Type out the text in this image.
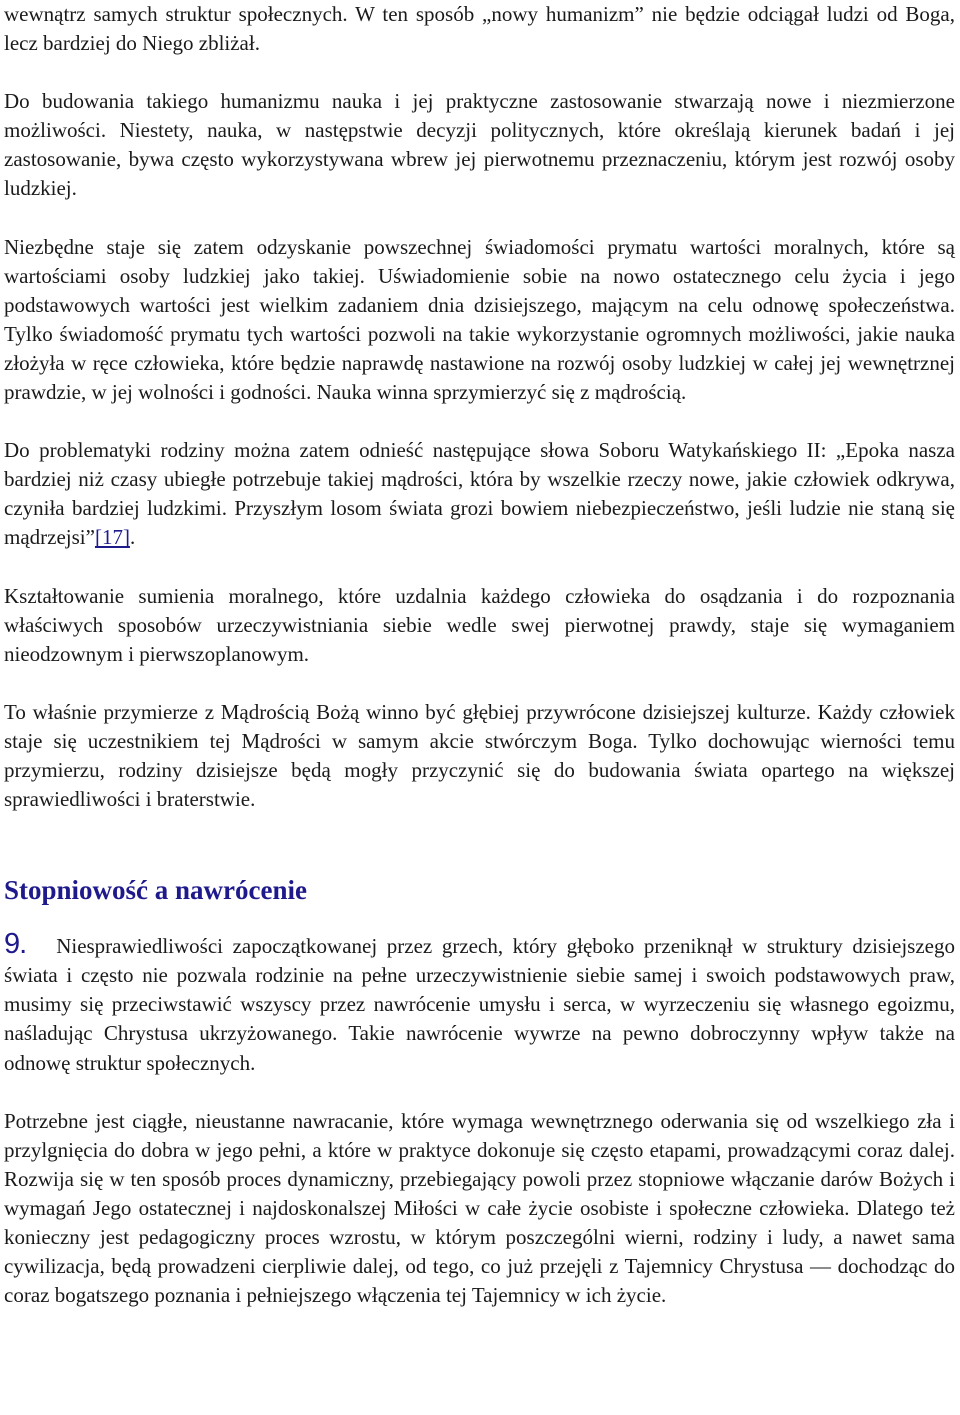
wewnątrz samych struktur społecznych. W ten sposób „nowy humanizm” nie będzie odciągał ludzi od Boga, lecz bardziej do Niego zbliżał.

Do budowania takiego humanizmu nauka i jej praktyczne zastosowanie stwarzają nowe i niezmierzone możliwości. Niestety, nauka, w następstwie decyzji politycznych, które określają kierunek badań i jej zastosowanie, bywa często wykorzystywana wbrew jej pierwotnemu przeznaczeniu, którym jest rozwój osoby ludzkiej.

Niezbędne staje się zatem odzyskanie powszechnej świadomości prymatu wartości moralnych, które są wartościami osoby ludzkiej jako takiej. Uświadomienie sobie na nowo ostatecznego celu życia i jego podstawowych wartości jest wielkim zadaniem dnia dzisiejszego, mającym na celu odnowę społeczeństwa. Tylko świadomość prymatu tych wartości pozwoli na takie wykorzystanie ogromnych możliwości, jakie nauka złożyła w ręce człowieka, które będzie naprawdę nastawione na rozwój osoby ludzkiej w całej jej wewnętrznej prawdzie, w jej wolności i godności. Nauka winna sprzymierzyć się z mądrością.

Do problematyki rodziny można zatem odnieść następujące słowa Soboru Watykańskiego II: „Epoka nasza bardziej niż czasy ubiegłe potrzebuje takiej mądrości, która by wszelkie rzeczy nowe, jakie człowiek odkrywa, czyniła bardziej ludzkimi. Przyszłym losom świata grozi bowiem niebezpieczeństwo, jeśli ludzie nie staną się mądrzejsi”[17].

Kształtowanie sumienia moralnego, które uzdalnia każdego człowieka do osądzania i do rozpoznania właściwych sposobów urzeczywistniania siebie wedle swej pierwotnej prawdy, staje się wymaganiem nieodzownym i pierwszoplanowym.

To właśnie przymierze z Mądrością Bożą winno być głębiej przywrócone dzisiejszej kulturze. Każdy człowiek staje się uczestnikiem tej Mądrości w samym akcie stwórczym Boga. Tylko dochowując wierności temu przymierzu, rodziny dzisiejsze będą mogły przyczynić się do budowania świata opartego na większej sprawiedliwości i braterstwie.

Stopniowość a nawrócenie

9. Niesprawiedliwości zapoczątkowanej przez grzech, który głęboko przeniknął w struktury dzisiejszego świata i często nie pozwala rodzinie na pełne urzeczywistnienie siebie samej i swoich podstawowych praw, musimy się przeciwstawić wszyscy przez nawrócenie umysłu i serca, w wyrzeczeniu się własnego egoizmu, naśladując Chrystusa ukrzyżowanego. Takie nawrócenie wywrze na pewno dobroczynny wpływ także na odnowę struktur społecznych.

Potrzebne jest ciągłe, nieustanne nawracanie, które wymaga wewnętrznego oderwania się od wszelkiego zła i przylgnięcia do dobra w jego pełni, a które w praktyce dokonuje się często etapami, prowadzącymi coraz dalej. Rozwija się w ten sposób proces dynamiczny, przebiegający powoli przez stopniowe włączanie darów Bożych i wymagań Jego ostatecznej i najdoskonalszej Miłości w całe życie osobiste i społeczne człowieka. Dlatego też konieczny jest pedagogiczny proces wzrostu, w którym poszczególni wierni, rodziny i ludy, a nawet sama cywilizacja, będą prowadzeni cierpliwie dalej, od tego, co już przejęli z Tajemnicy Chrystusa — dochodząc do coraz bogatszego poznania i pełniejszego włączenia tej Tajemnicy w ich życie.
